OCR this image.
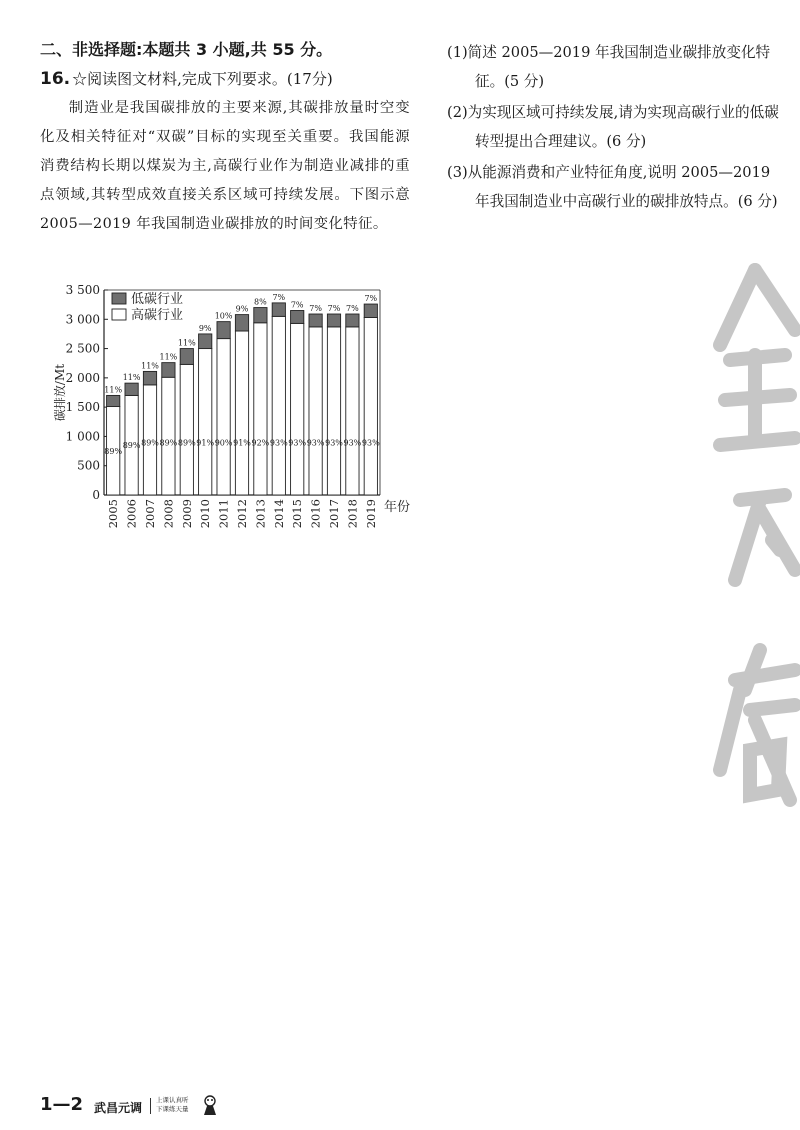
二、非选择题:本题共 3 小题,共 55 分。

16. ☆阅读图文材料,完成下列要求。(17分)

制造业是我国碳排放的主要来源,其碳排放量时空变化及相关特征对“双碳”目标的实现至关重要。我国能源消费结构长期以煤炭为主,高碳行业作为制造业减排的重点领域,其转型成效直接关系区域可持续发展。下图示意 2005—2019 年我国制造业碳排放的时间变化特征。

0
500
1 000
1 500
2 000
2 500
3 000
3 500
碳排放/Mt
年份
11%
89%
2005
11%
89%
2006
11%
89%
2007
11%
89%
2008
11%
89%
2009
9%
91%
2010
10%
90%
2011
9%
91%
2012
8%
92%
2013
7%
93%
2014
7%
93%
2015
7%
93%
2016
7%
93%
2017
7%
93%
2018
7%
93%
2019
低碳行业
高碳行业

(1)简述 2005—2019 年我国制造业碳排放变化特征。(5 分)

(2)为实现区域可持续发展,请为实现高碳行业的低碳转型提出合理建议。(6 分)

(3)从能源消费和产业特征角度,说明 2005—2019 年我国制造业中高碳行业的碳排放特点。(6 分)

1—2 武昌元调
上课认真听
下课练天量
